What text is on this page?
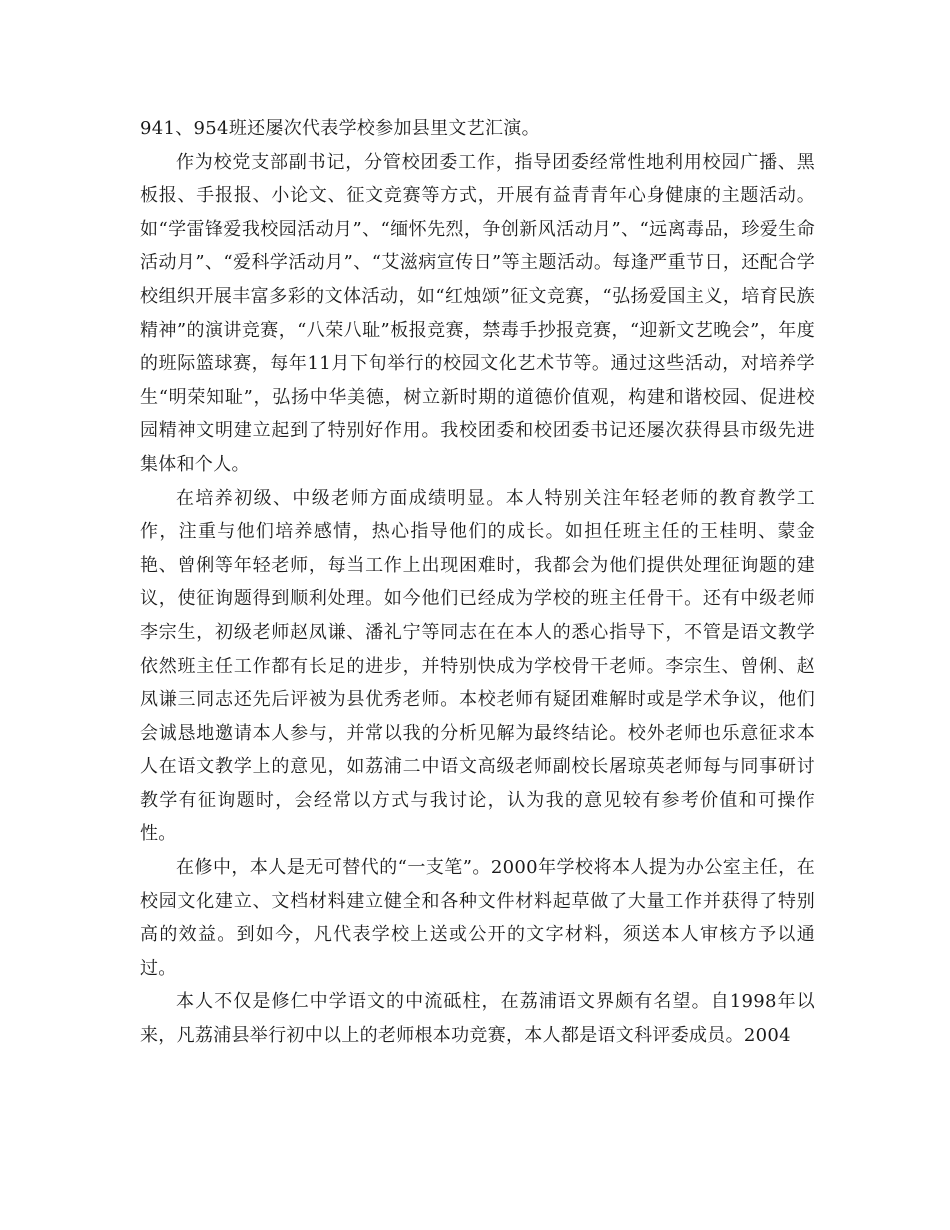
941、954班还屡次代表学校参加县里文艺汇演。

作为校党支部副书记，分管校团委工作，指导团委经常性地利用校园广播、黑板报、手报报、小论文、征文竞赛等方式，开展有益青青年心身健康的主题活动。如“学雷锋爱我校园活动月”、“缅怀先烈，争创新风活动月”、“远离毒品，珍爱生命活动月”、“爱科学活动月”、“艾滋病宣传日”等主题活动。每逢严重节日，还配合学校组织开展丰富多彩的文体活动，如“红烛颂”征文竞赛，“弘扬爱国主义，培育民族精神”的演讲竞赛，“八荣八耻”板报竞赛，禁毒手抄报竞赛，“迎新文艺晚会”，年度的班际篮球赛，每年11月下旬举行的校园文化艺术节等。通过这些活动，对培养学生“明荣知耻”，弘扬中华美德，树立新时期的道德价值观，构建和谐校园、促进校园精神文明建立起到了特别好作用。我校团委和校团委书记还屡次获得县市级先进集体和个人。

在培养初级、中级老师方面成绩明显。本人特别关注年轻老师的教育教学工作，注重与他们培养感情，热心指导他们的成长。如担任班主任的王桂明、蒙金艳、曾俐等年轻老师，每当工作上出现困难时，我都会为他们提供处理征询题的建议，使征询题得到顺利处理。如今他们已经成为学校的班主任骨干。还有中级老师李宗生，初级老师赵凤谦、潘礼宁等同志在在本人的悉心指导下，不管是语文教学依然班主任工作都有长足的进步，并特别快成为学校骨干老师。李宗生、曾俐、赵凤谦三同志还先后评被为县优秀老师。本校老师有疑团难解时或是学术争议，他们会诚恳地邀请本人参与，并常以我的分析见解为最终结论。校外老师也乐意征求本人在语文教学上的意见，如荔浦二中语文高级老师副校长屠琼英老师每与同事研讨教学有征询题时，会经常以方式与我讨论，认为我的意见较有参考价值和可操作性。

在修中，本人是无可替代的“一支笔”。2000年学校将本人提为办公室主任，在校园文化建立、文档材料建立健全和各种文件材料起草做了大量工作并获得了特别高的效益。到如今，凡代表学校上送或公开的文字材料，须送本人审核方予以通过。

本人不仅是修仁中学语文的中流砥柱，在荔浦语文界颇有名望。自1998年以来，凡荔浦县举行初中以上的老师根本功竞赛，本人都是语文科评委成员。2004
